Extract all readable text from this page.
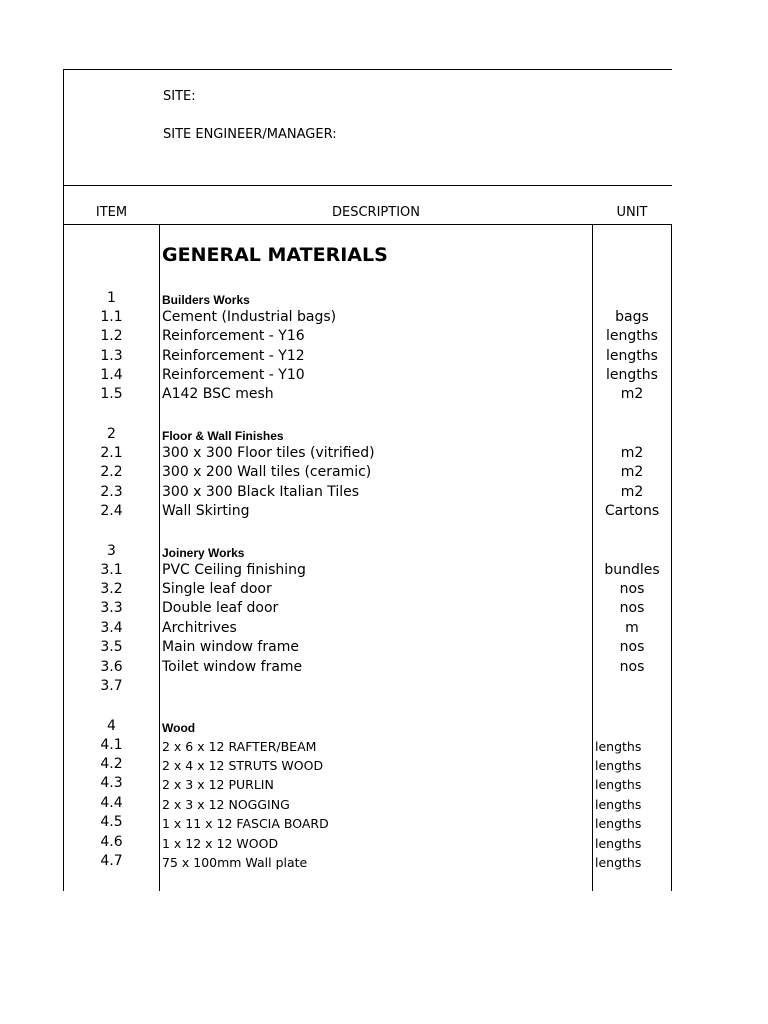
SITE:
SITE ENGINEER/MANAGER:
ITEM	DESCRIPTION	UNIT
GENERAL MATERIALS
1	Builders Works
1.1	Cement (Industrial bags)	bags
1.2	Reinforcement - Y16	lengths
1.3	Reinforcement - Y12	lengths
1.4	Reinforcement - Y10	lengths
1.5	A142 BSC mesh	m2
2	Floor & Wall Finishes
2.1	300 x 300 Floor tiles (vitrified)	m2
2.2	300 x 200 Wall tiles (ceramic)	m2
2.3	300 x 300 Black Italian Tiles	m2
2.4	Wall Skirting	Cartons
3	Joinery Works
3.1	PVC Ceiling finishing	bundles
3.2	Single leaf door	nos
3.3	Double leaf door	nos
3.4	Architrives	m
3.5	Main window frame	nos
3.6	Toilet window frame	nos
3.7
4	Wood
4.1	2 x 6 x 12 RAFTER/BEAM	lengths
4.2	2 x 4 x 12 STRUTS WOOD	lengths
4.3	2 x 3 x 12 PURLIN	lengths
4.4	2 x 3 x 12 NOGGING	lengths
4.5	1 x 11 x 12 FASCIA BOARD	lengths
4.6	1 x 12 x 12 WOOD	lengths
4.7	75 x 100mm Wall plate	lengths
